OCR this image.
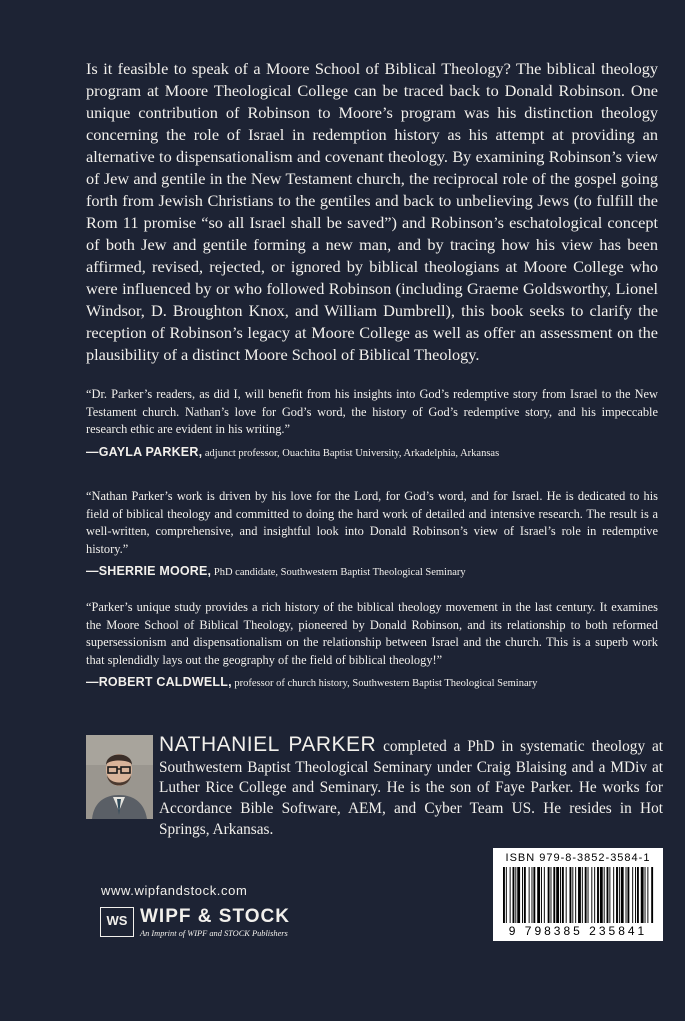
Is it feasible to speak of a Moore School of Biblical Theology? The biblical theology program at Moore Theological College can be traced back to Donald Robinson. One unique contribution of Robinson to Moore’s program was his distinction theology concerning the role of Israel in redemption history as his attempt at providing an alternative to dispensationalism and covenant theology. By examining Robinson’s view of Jew and gentile in the New Testament church, the reciprocal role of the gospel going forth from Jewish Christians to the gentiles and back to unbelieving Jews (to fulfill the Rom 11 promise “so all Israel shall be saved”) and Robinson’s eschatological concept of both Jew and gentile forming a new man, and by tracing how his view has been affirmed, revised, rejected, or ignored by biblical theologians at Moore College who were influenced by or who followed Robinson (including Graeme Goldsworthy, Lionel Windsor, D. Broughton Knox, and William Dumbrell), this book seeks to clarify the reception of Robinson’s legacy at Moore College as well as offer an assessment on the plausibility of a distinct Moore School of Biblical Theology.

“Dr. Parker’s readers, as did I, will benefit from his insights into God’s redemptive story from Israel to the New Testament church. Nathan’s love for God’s word, the history of God’s redemptive story, and his impeccable research ethic are evident in his writing.”

—GAYLA PARKER, adjunct professor, Ouachita Baptist University, Arkadelphia, Arkansas

“Nathan Parker’s work is driven by his love for the Lord, for God’s word, and for Israel. He is dedicated to his field of biblical theology and committed to doing the hard work of detailed and intensive research. The result is a well-written, comprehensive, and insightful look into Donald Robinson’s view of Israel’s role in redemptive history.”

—SHERRIE MOORE, PhD candidate, Southwestern Baptist Theological Seminary

“Parker’s unique study provides a rich history of the biblical theology movement in the last century. It examines the Moore School of Biblical Theology, pioneered by Donald Robinson, and its relationship to both reformed supersessionism and dispensationalism on the relationship between Israel and the church. This is a superb work that splendidly lays out the geography of the field of biblical theology!”

—ROBERT CALDWELL, professor of church history, Southwestern Baptist Theological Seminary

NATHANIEL PARKER completed a PhD in systematic theology at Southwestern Baptist Theological Seminary under Craig Blaising and a MDiv at Luther Rice College and Seminary. He is the son of Faye Parker. He works for Accordance Bible Software, AEM, and Cyber Team US. He resides in Hot Springs, Arkansas.

www.wipfandstock.com
WS WIPF & STOCK
An Imprint of WIPF and STOCK Publishers
ISBN 979-8-3852-3584-1
9 798385 235841
